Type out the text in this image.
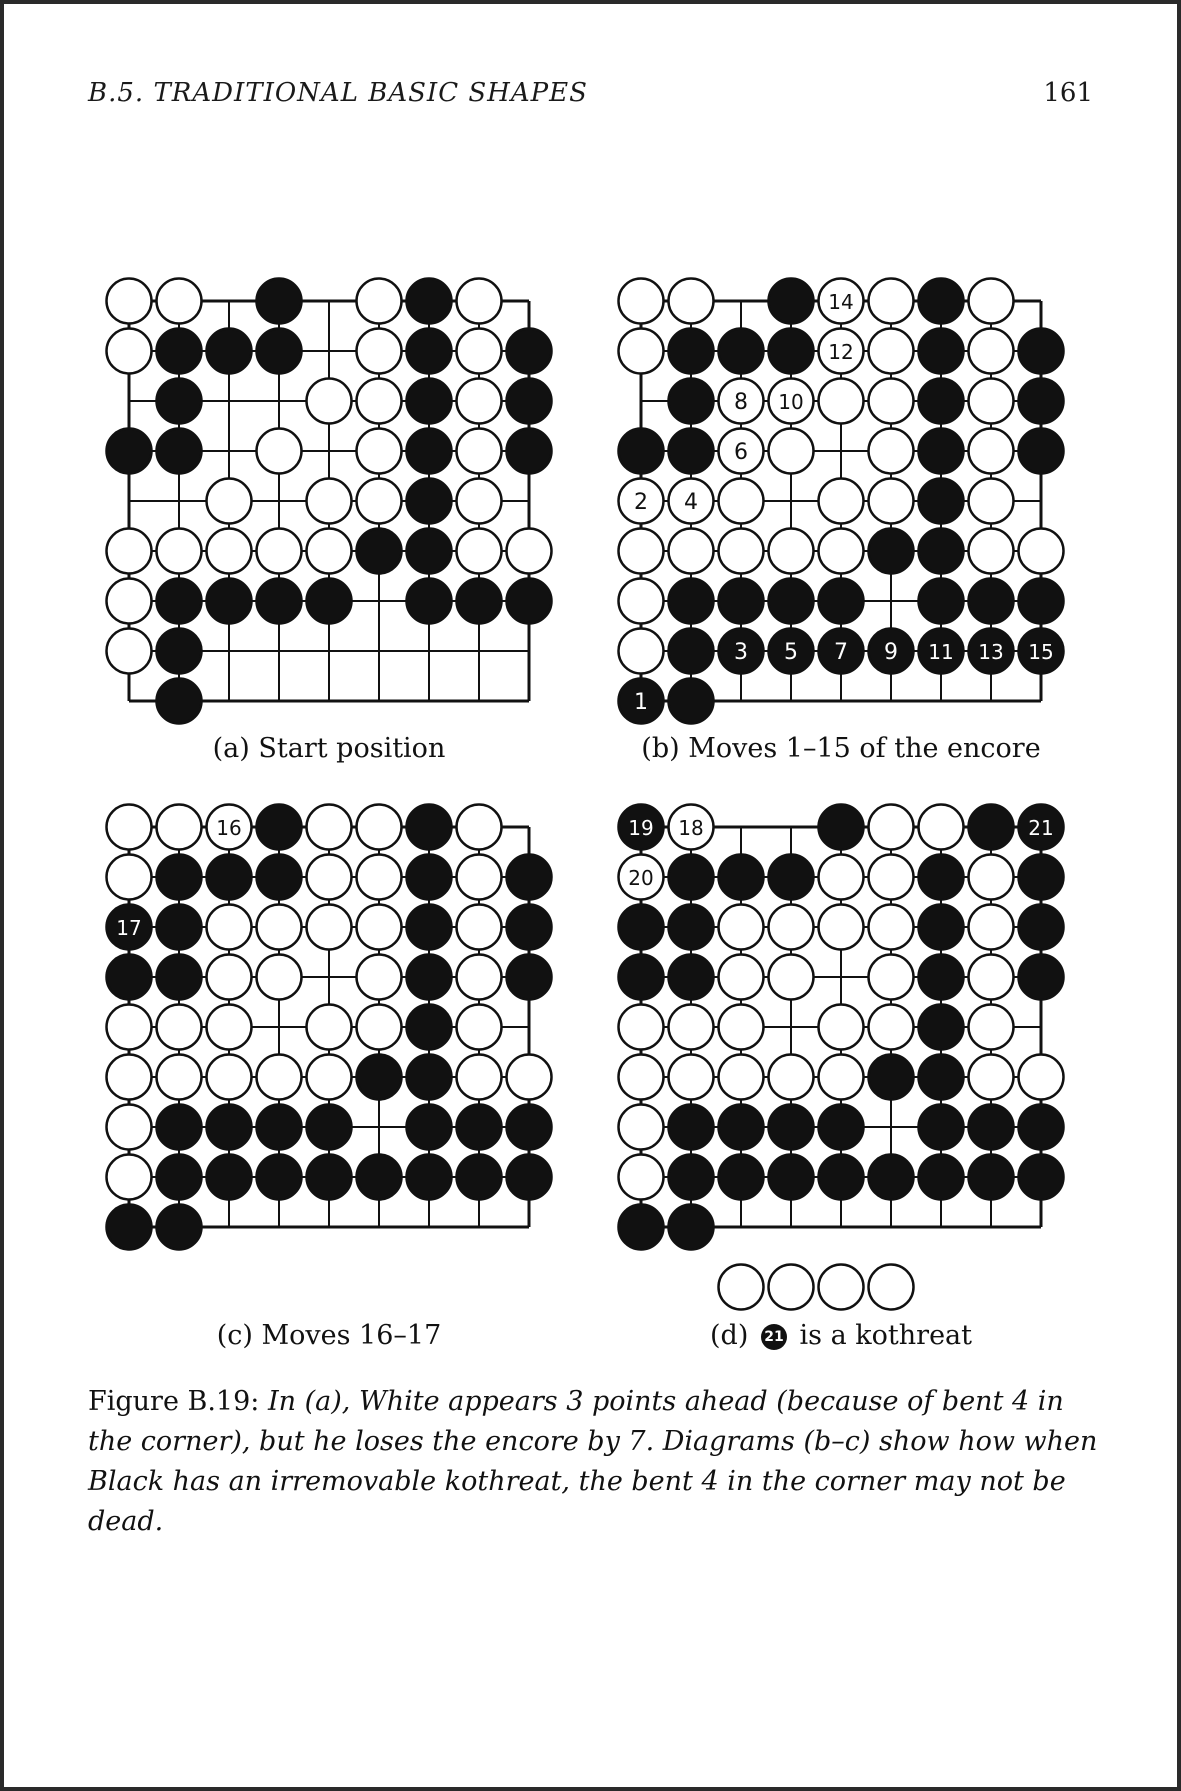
B.5. TRADITIONAL BASIC SHAPES	161
14
12
8 10
6
2 4
3 5 7 9 11 13 15
1
16
17
19 18	21
20
(a) Start position	(b) Moves 1–15 of the encore
(c) Moves 16–17	(d) 21 is a kothreat
Figure B.19: In (a), White appears 3 points ahead (because of bent 4 in the corner), but he loses the encore by 7. Diagrams (b–c) show how when Black has an irremovable kothreat, the bent 4 in the corner may not be dead.
